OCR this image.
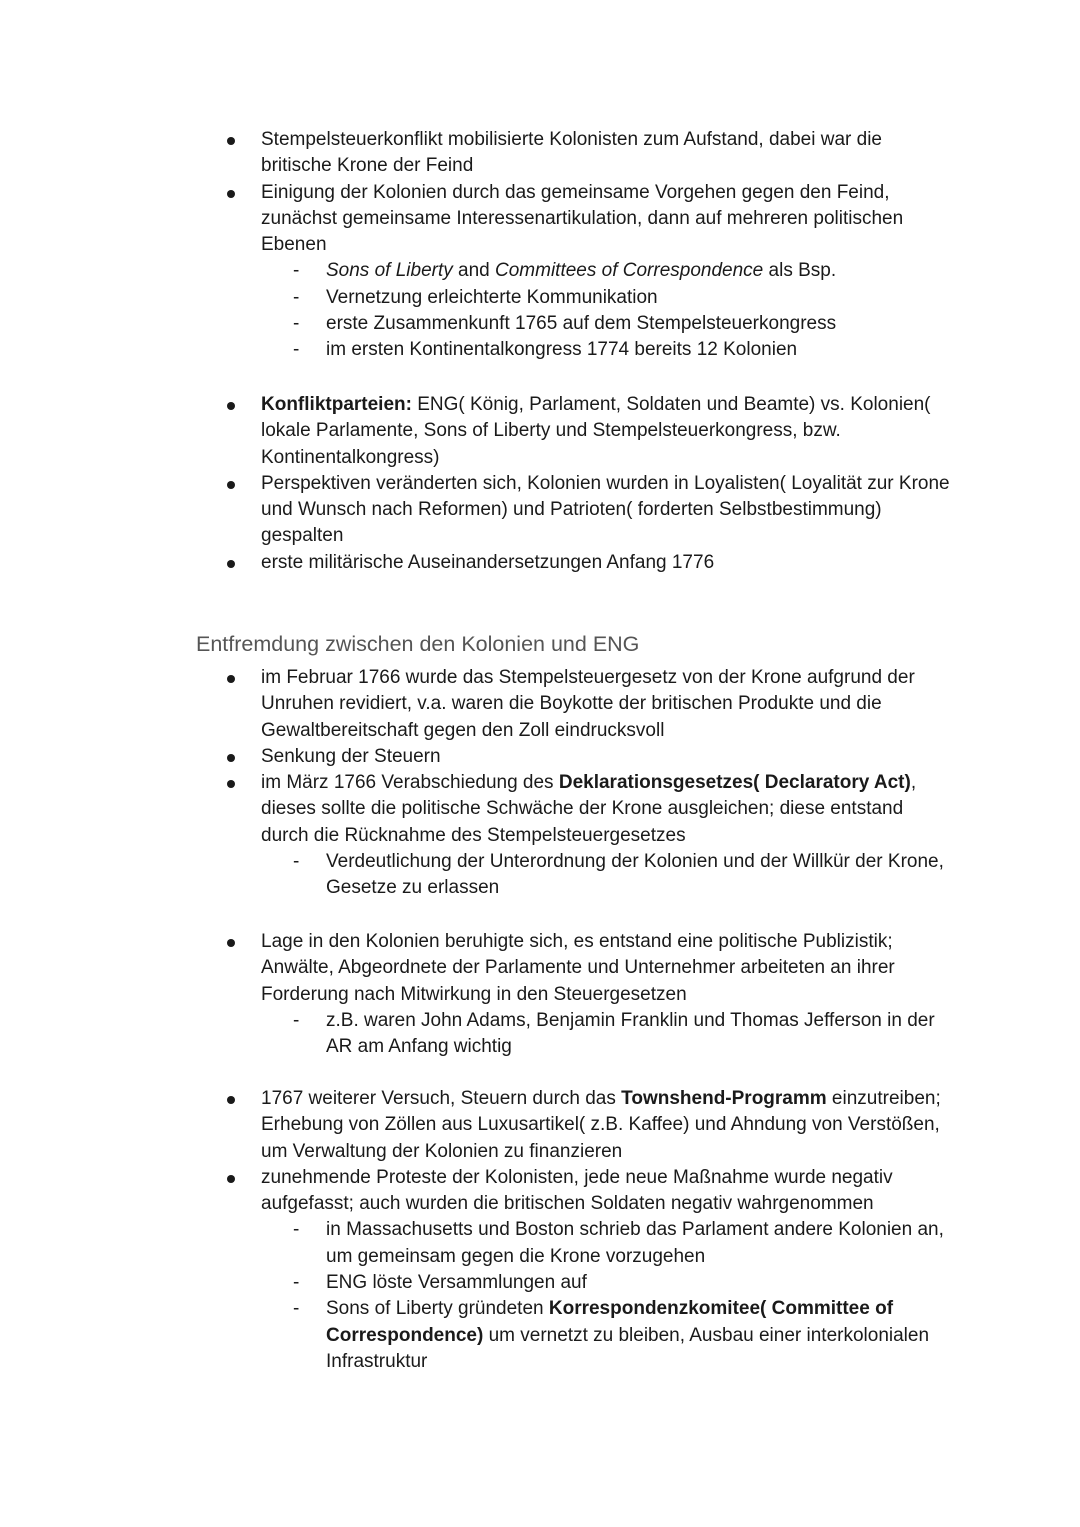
Stempelsteuerkonflikt mobilisierte Kolonisten zum Aufstand, dabei war die britische Krone der Feind
Einigung der Kolonien durch das gemeinsame Vorgehen gegen den Feind, zunächst gemeinsame Interessenartikulation, dann auf mehreren politischen Ebenen
- Sons of Liberty and Committees of Correspondence als Bsp.
- Vernetzung erleichterte Kommunikation
- erste Zusammenkunft 1765 auf dem Stempelsteuerkongress
- im ersten Kontinentalkongress 1774 bereits 12 Kolonien
Konfliktparteien: ENG( König, Parlament, Soldaten und Beamte) vs. Kolonien( lokale Parlamente, Sons of Liberty und Stempelsteuerkongress, bzw. Kontinentalkongress)
Perspektiven veränderten sich, Kolonien wurden in Loyalisten( Loyalität zur Krone und Wunsch nach Reformen) und Patrioten( forderten Selbstbestimmung) gespalten
erste militärische Auseinandersetzungen Anfang 1776
Entfremdung zwischen den Kolonien und ENG
im Februar 1766 wurde das Stempelsteuergesetz von der Krone aufgrund der Unruhen revidiert, v.a. waren die Boykotte der britischen Produkte und die Gewaltbereitschaft gegen den Zoll eindrucksvoll
Senkung der Steuern
im März 1766 Verabschiedung des Deklarationsgesetzes( Declaratory Act), dieses sollte die politische Schwäche der Krone ausgleichen; diese entstand durch die Rücknahme des Stempelsteuergesetzes
- Verdeutlichung der Unterordnung der Kolonien und der Willkür der Krone, Gesetze zu erlassen
Lage in den Kolonien beruhigte sich, es entstand eine politische Publizistik; Anwälte, Abgeordnete der Parlamente und Unternehmer arbeiteten an ihrer Forderung nach Mitwirkung in den Steuergesetzen
- z.B. waren John Adams, Benjamin Franklin und Thomas Jefferson in der AR am Anfang wichtig
1767 weiterer Versuch, Steuern durch das Townshend-Programm einzutreiben; Erhebung von Zöllen aus Luxusartikel( z.B. Kaffee) und Ahndung von Verstößen, um Verwaltung der Kolonien zu finanzieren
zunehmende Proteste der Kolonisten, jede neue Maßnahme wurde negativ aufgefasst; auch wurden die britischen Soldaten negativ wahrgenommen
- in Massachusetts und Boston schrieb das Parlament andere Kolonien an, um gemeinsam gegen die Krone vorzugehen
- ENG löste Versammlungen auf
- Sons of Liberty gründeten Korrespondenzkomitee( Committee of Correspondence) um vernetzt zu bleiben, Ausbau einer interkolonialen Infrastruktur
